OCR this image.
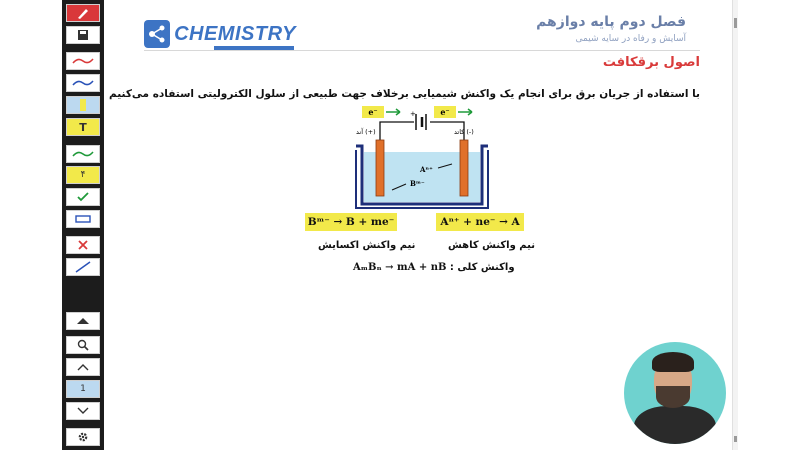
T
۴
1
CHEMISTRY
فصل دوم پایه دوازهم
آسایش و رفاه در سایه شیمی
اصول برقکافت
با استفاده از جریان برق برای انجام یک واکنش شیمیایی برخلاف جهت طبیعی از سلول الکترولیتی استفاده می‌کنیم
+
e⁻	e⁻
آند (+)	کاتد (-)
Aⁿ⁺
Bᵐ⁻
Bᵐ⁻ → B + me⁻	Aⁿ⁺ + ne⁻ → A
نیم واکنش اکسایش	نیم واکنش کاهش
واکنش کلی : AₘBₙ → mA + nB
